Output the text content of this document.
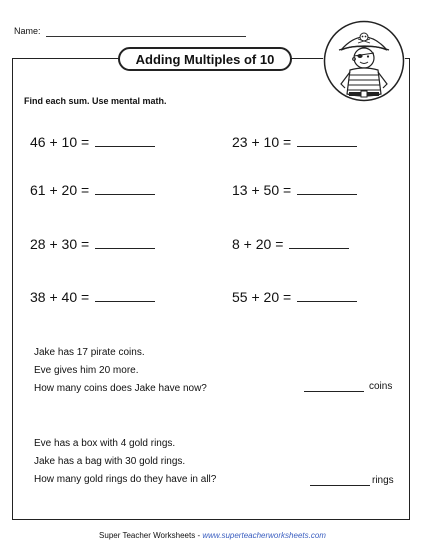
Name:
Adding Multiples of 10
Find each sum. Use mental math.
46 + 10 =	23 + 10 =
61 + 20 =	13 + 50 =
28 + 30 =	8 + 20 =
38 + 40 =	55 + 20 =
Jake has 17 pirate coins.
Eve gives him 20 more.
How many coins does Jake have now?	coins
Eve has a box with 4 gold rings.
Jake has a bag with 30 gold rings.
How many gold rings do they have in all?	rings
Super Teacher Worksheets - www.superteacherworksheets.com
